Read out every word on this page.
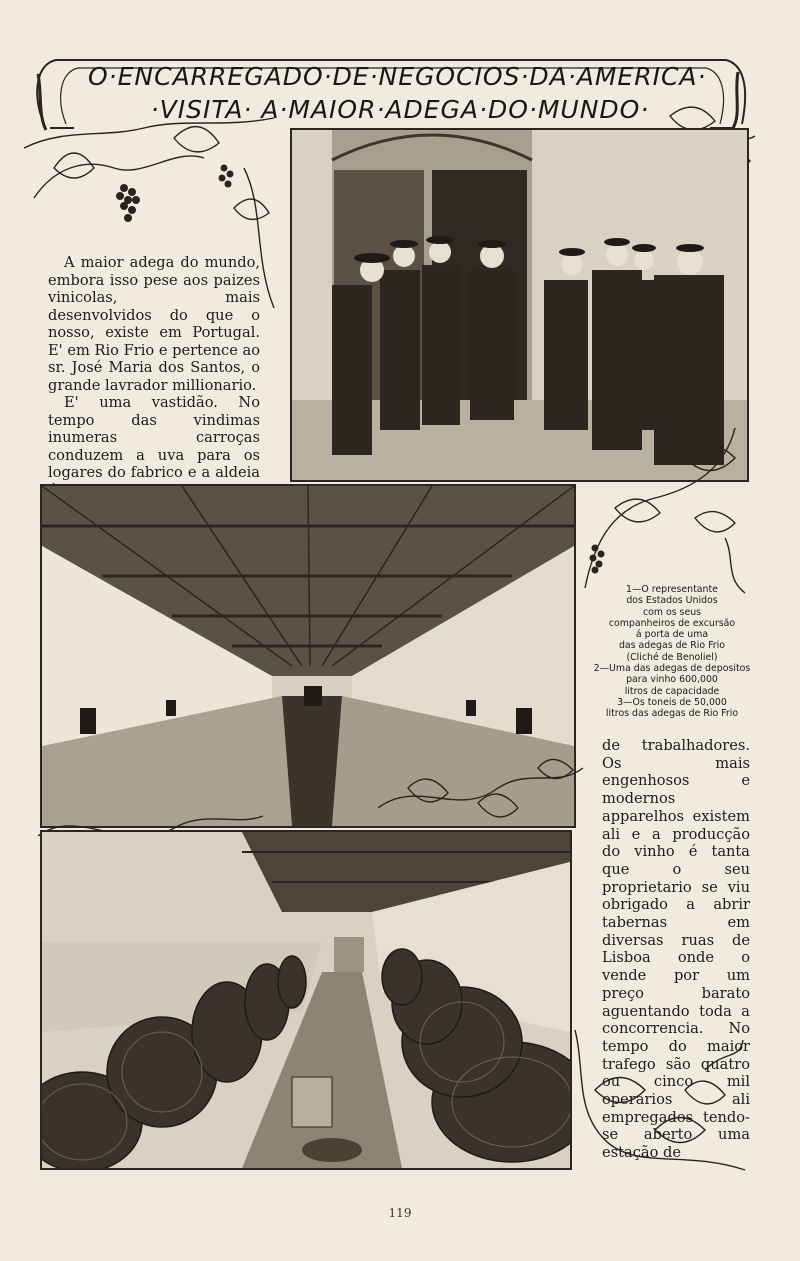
O·ENCARREGADO·DE·NEGOCIOS·DA·AMERICA·
·VISITA· A·MAIOR·ADEGA·DO·MUNDO·

A maior adega do mundo, embora isso pese aos paizes vinicolas, mais desenvolvidos do que o nosso, existe em Portugal. E' em Rio Frio e pertence ao sr. José Maria dos Santos, o grande lavrador millionario.

E' uma vastidão. No tempo das vindimas inumeras carroças conduzem a uva para os logares do fabrico e a aldeia

1—O representante
dos Estados Unidos
com os seus
companheiros de excursão
á porta de uma
das adegas de Rio Frio
(Cliché de Benoliel)
2—Uma das adegas de depositos para vinho 600,000
litros de capacidade
3—Os toneis de 50,000
litros das adegas de Rio Frio

de trabalhadores. Os mais engenhosos e modernos apparelhos existem ali e a producção do vinho é tanta que o seu proprietario se viu obrigado a abrir tabernas em diversas ruas de Lisboa onde o vende por um preço barato aguentando toda a concorrencia. No tempo do maior trafego são quatro ou cinco mil operarios ali empregados tendo-se aberto uma estação de

119
